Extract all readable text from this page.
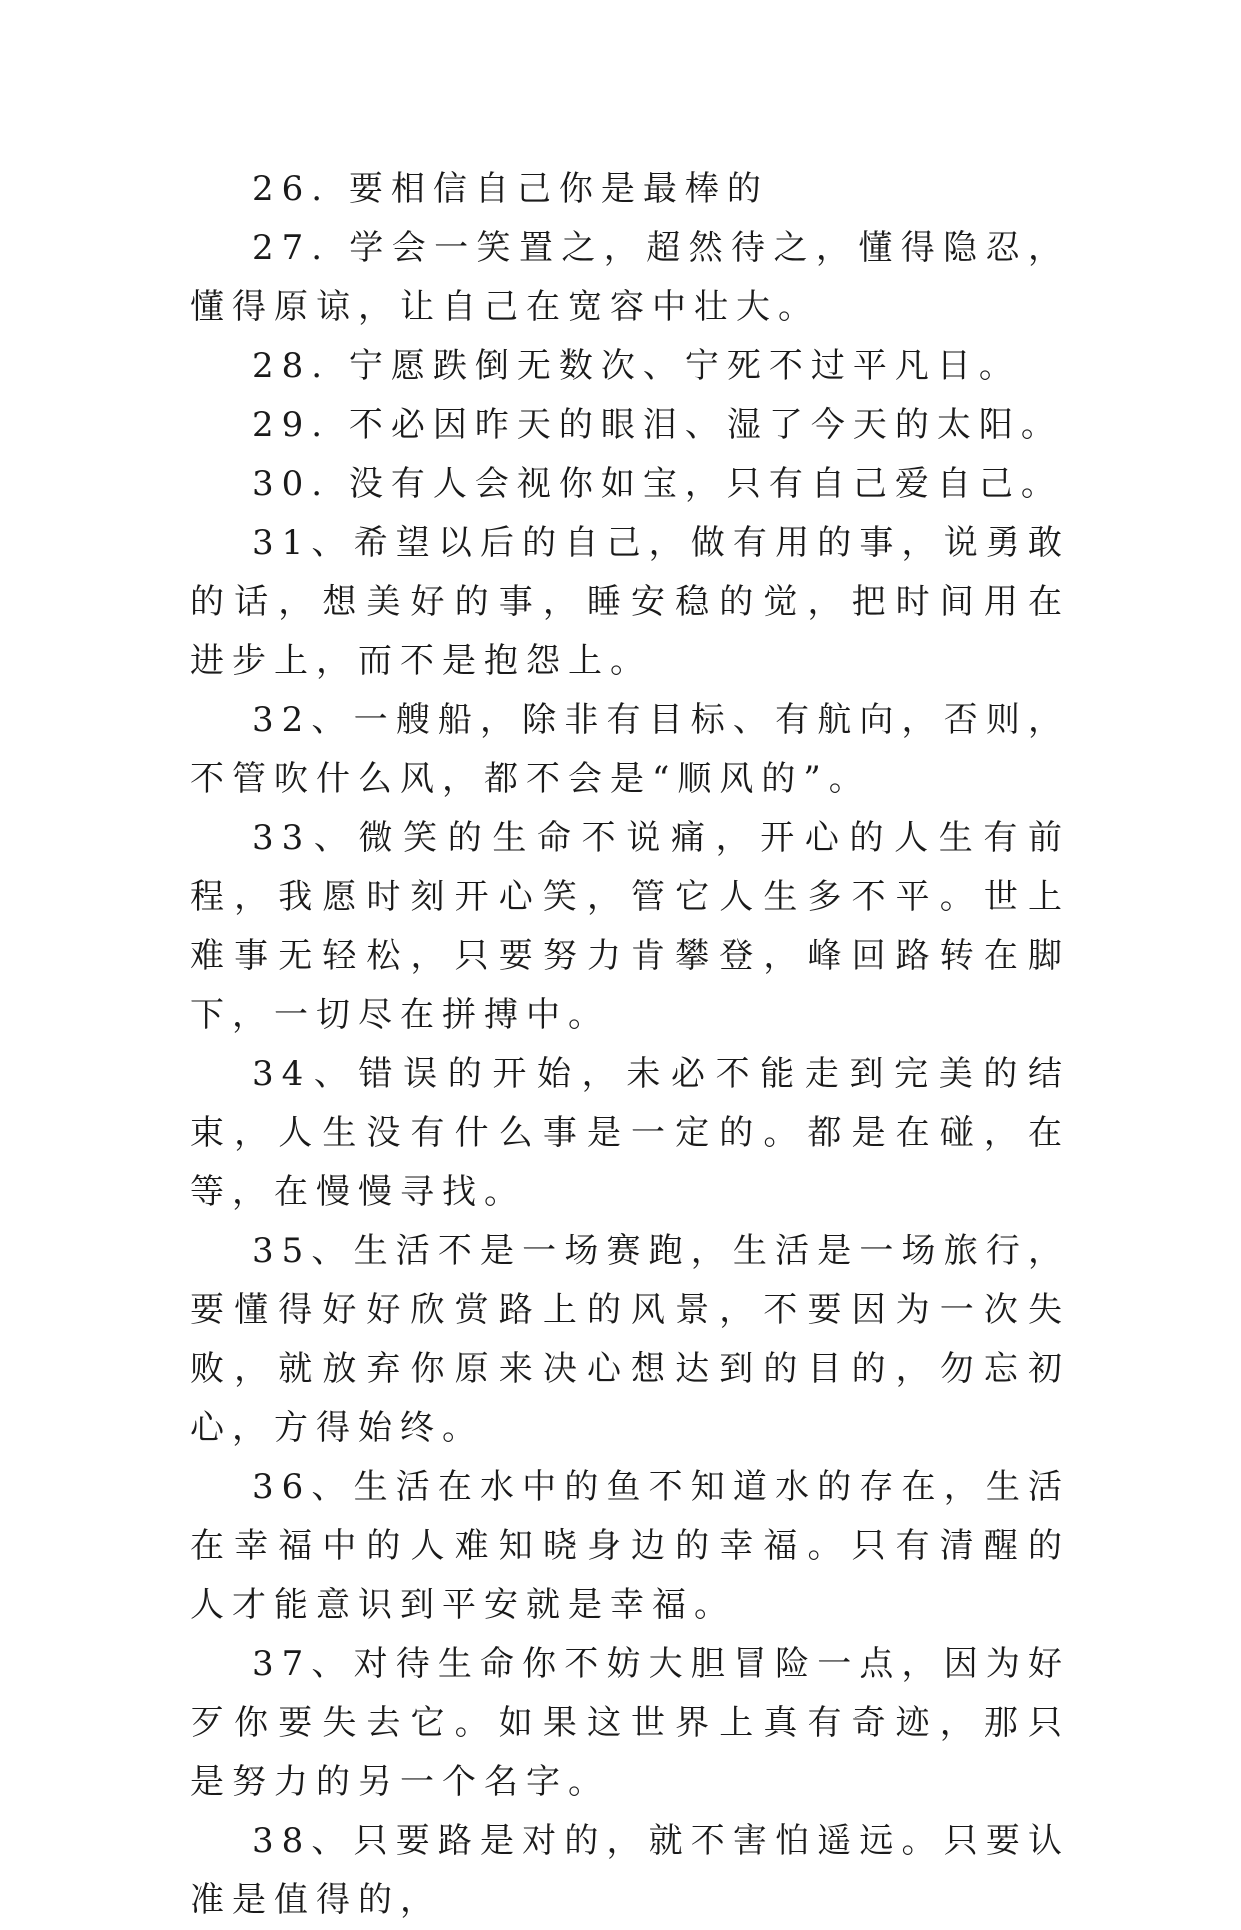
26. 要相信自己你是最棒的

27. 学会一笑置之，超然待之，懂得隐忍，懂得原谅，让自己在宽容中壮大。

28. 宁愿跌倒无数次、宁死不过平凡日。

29. 不必因昨天的眼泪、湿了今天的太阳。

30. 没有人会视你如宝，只有自己爱自己。

31、希望以后的自己，做有用的事，说勇敢的话，想美好的事，睡安稳的觉，把时间用在进步上，而不是抱怨上。

32、一艘船，除非有目标、有航向，否则，不管吹什么风，都不会是“顺风的”。

33、微笑的生命不说痛，开心的人生有前程，我愿时刻开心笑，管它人生多不平。世上难事无轻松，只要努力肯攀登，峰回路转在脚下，一切尽在拼搏中。

34、错误的开始，未必不能走到完美的结束，人生没有什么事是一定的。都是在碰，在等，在慢慢寻找。

35、生活不是一场赛跑，生活是一场旅行，要懂得好好欣赏路上的风景，不要因为一次失败，就放弃你原来决心想达到的目的，勿忘初心，方得始终。

36、生活在水中的鱼不知道水的存在，生活在幸福中的人难知晓身边的幸福。只有清醒的人才能意识到平安就是幸福。

37、对待生命你不妨大胆冒险一点，因为好歹你要失去它。如果这世界上真有奇迹，那只是努力的另一个名字。

38、只要路是对的，就不害怕遥远。只要认准是值得的，
